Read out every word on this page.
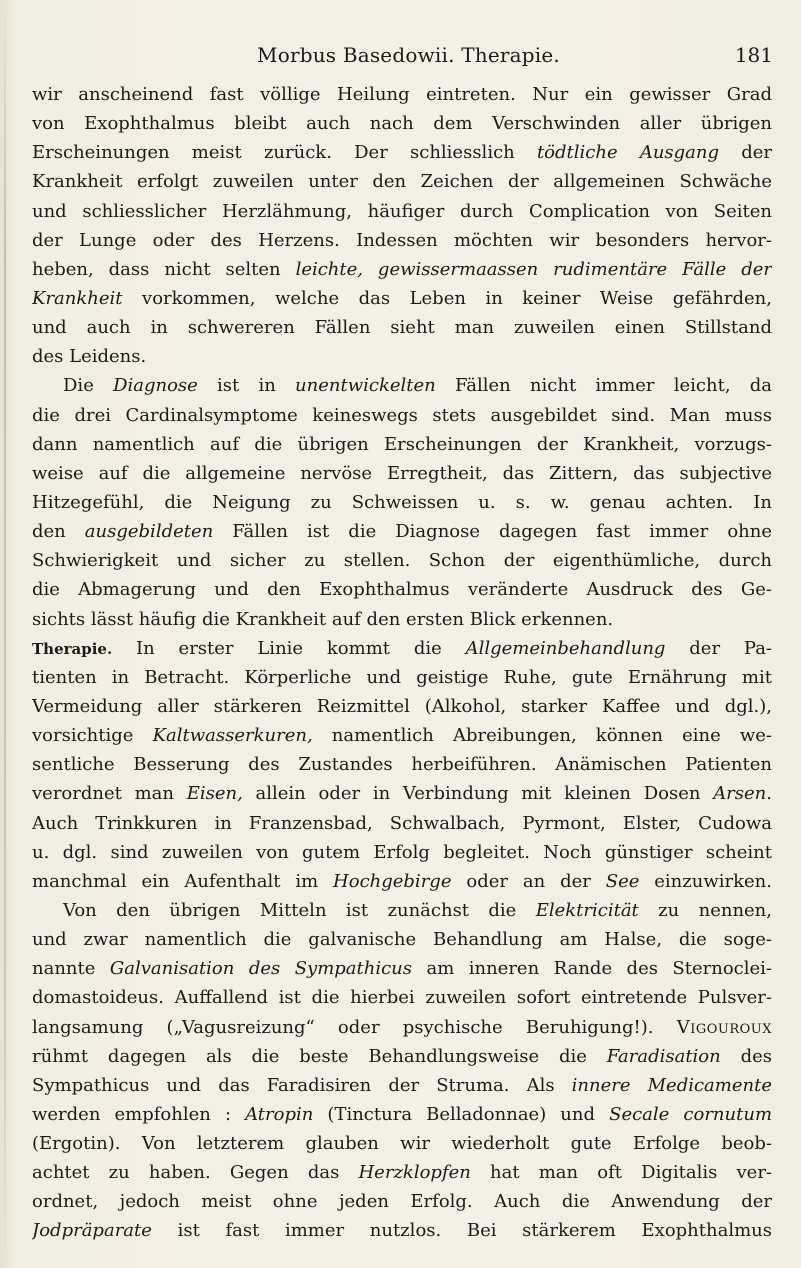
Morbus Basedowii. Therapie.	181
wir anscheinend fast völlige Heilung eintreten. Nur ein gewisser Grad
von Exophthalmus bleibt auch nach dem Verschwinden aller übrigen
Erscheinungen meist zurück. Der schliesslich tödtliche Ausgang der
Krankheit erfolgt zuweilen unter den Zeichen der allgemeinen Schwäche
und schliesslicher Herzlähmung, häufiger durch Complication von Seiten
der Lunge oder des Herzens. Indessen möchten wir besonders hervor-
heben, dass nicht selten leichte, gewissermaassen rudimentäre Fälle der
Krankheit vorkommen, welche das Leben in keiner Weise gefährden,
und auch in schwereren Fällen sieht man zuweilen einen Stillstand
des Leidens.
Die Diagnose ist in unentwickelten Fällen nicht immer leicht, da
die drei Cardinalsymptome keineswegs stets ausgebildet sind. Man muss
dann namentlich auf die übrigen Erscheinungen der Krankheit, vorzugs-
weise auf die allgemeine nervöse Erregtheit, das Zittern, das subjective
Hitzegefühl, die Neigung zu Schweissen u. s. w. genau achten. In
den ausgebildeten Fällen ist die Diagnose dagegen fast immer ohne
Schwierigkeit und sicher zu stellen. Schon der eigenthümliche, durch
die Abmagerung und den Exophthalmus veränderte Ausdruck des Ge-
sichts lässt häufig die Krankheit auf den ersten Blick erkennen.
Therapie. In erster Linie kommt die Allgemeinbehandlung der Pa-
tienten in Betracht. Körperliche und geistige Ruhe, gute Ernährung mit
Vermeidung aller stärkeren Reizmittel (Alkohol, starker Kaffee und dgl.),
vorsichtige Kaltwasserkuren, namentlich Abreibungen, können eine we-
sentliche Besserung des Zustandes herbeiführen. Anämischen Patienten
verordnet man Eisen, allein oder in Verbindung mit kleinen Dosen Arsen.
Auch Trinkkuren in Franzensbad, Schwalbach, Pyrmont, Elster, Cudowa
u. dgl. sind zuweilen von gutem Erfolg begleitet. Noch günstiger scheint
manchmal ein Aufenthalt im Hochgebirge oder an der See einzuwirken.
Von den übrigen Mitteln ist zunächst die Elektricität zu nennen,
und zwar namentlich die galvanische Behandlung am Halse, die soge-
nannte Galvanisation des Sympathicus am inneren Rande des Sternoclei-
domastoideus. Auffallend ist die hierbei zuweilen sofort eintretende Pulsver-
langsamung („Vagusreizung“ oder psychische Beruhigung!). Vigouroux
rühmt dagegen als die beste Behandlungsweise die Faradisation des
Sympathicus und das Faradisiren der Struma. Als innere Medicamente
werden empfohlen : Atropin (Tinctura Belladonnae) und Secale cornutum
(Ergotin). Von letzterem glauben wir wiederholt gute Erfolge beob-
achtet zu haben. Gegen das Herzklopfen hat man oft Digitalis ver-
ordnet, jedoch meist ohne jeden Erfolg. Auch die Anwendung der
Jodpräparate ist fast immer nutzlos. Bei stärkerem Exophthalmus
